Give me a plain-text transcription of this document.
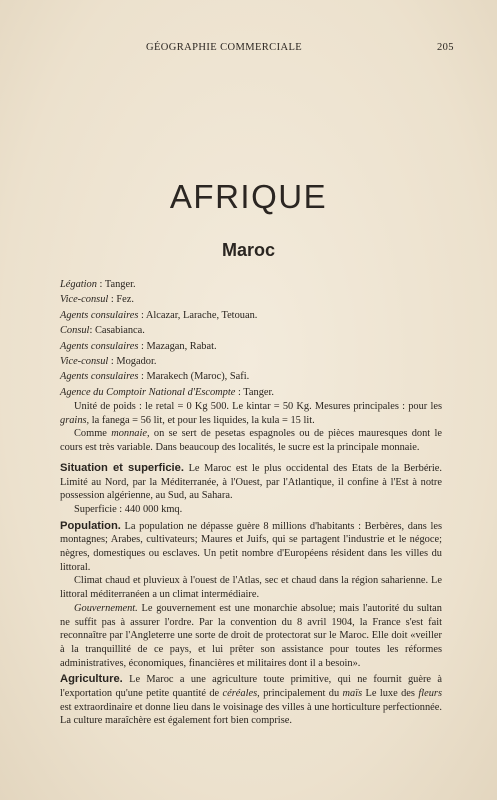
GÉOGRAPHIE COMMERCIALE	205
AFRIQUE
Maroc
Légation : Tanger.
Vice-consul : Fez.
Agents consulaires : Alcazar, Larache, Tetouan.
Consul: Casabianca.
Agents consulaires : Mazagan, Rabat.
Vice-consul : Mogador.
Agents consulaires : Marakech (Maroc), Safi.
Agence du Comptoir National d'Escompte : Tanger.

Unité de poids : le retal = 0 Kg 500. Le kintar = 50 Kg. Mesures principales : pour les grains, la fanega = 56 lit, et pour les liquides, la kula = 15 lit.

Comme monnaie, on se sert de pesetas espagnoles ou de pièces mauresques dont le cours est très variable. Dans beaucoup des localités, le sucre est la principale monnaie.

Situation et superficie. Le Maroc est le plus occidental des Etats de la Berbérie. Limité au Nord, par la Méditerranée, à l'Ouest, par l'Atlantique, il confine à l'Est à notre possession algérienne, au Sud, au Sahara.

Superficie : 440 000 kmq.

Population. La population ne dépasse guère 8 millions d'habitants : Berbères, dans les montagnes; Arabes, cultivateurs; Maures et Juifs, qui se partagent l'industrie et le négoce; nègres, domestiques ou esclaves. Un petit nombre d'Européens résident dans les villes du littoral.

Climat chaud et pluvieux à l'ouest de l'Atlas, sec et chaud dans la région saharienne. Le littoral méditerranéen a un climat intermédiaire.

Gouvernement. Le gouvernement est une monarchie absolue; mais l'autorité du sultan ne suffit pas à assurer l'ordre. Par la convention du 8 avril 1904, la France s'est fait reconnaître par l'Angleterre une sorte de droit de protectorat sur le Maroc. Elle doit «veiller à la tranquillité de ce pays, et lui prêter son assistance pour toutes les réformes administratives, économiques, financières et militaires dont il a besoin».

Agriculture. Le Maroc a une agriculture toute primitive, qui ne fournit guère à l'exportation qu'une petite quantité de céréales, principalement du maïs Le luxe des fleurs est extraordinaire et donne lieu dans le voisinage des villes à une horticulture perfectionnée. La culture maraîchère est également fort bien comprise.
